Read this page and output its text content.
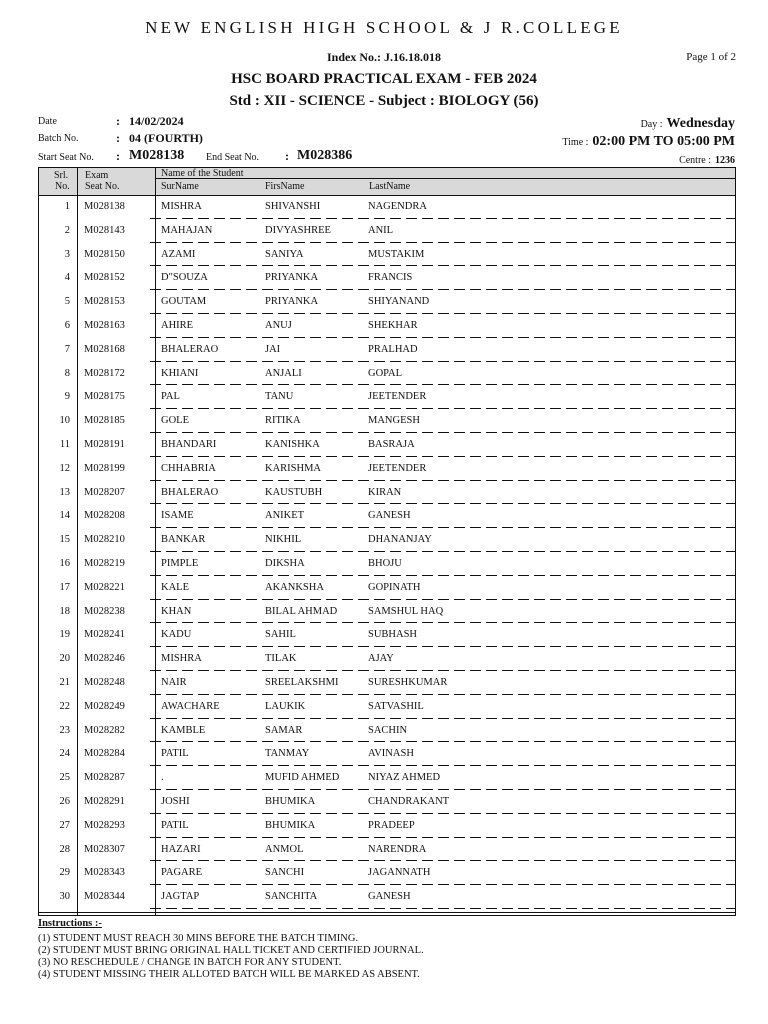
NEW ENGLISH HIGH SCHOOL & J R.COLLEGE
Index No.: J.16.18.018	Page 1 of 2
HSC BOARD PRACTICAL EXAM - FEB 2024
Std : XII - SCIENCE - Subject : BIOLOGY (56)
Date	: 14/02/2024
Batch No.	: 04 (FOURTH)
Start Seat No. : M028138 End Seat No. : M028386
Day : Wednesday
Time : 02:00 PM TO 05:00 PM
Centre : 1236
Srl.
No.
Exam
Seat No.
Name of the Student
SurName	FirsName	LastName
1 M028138	MISHRA	SHIVANSHI	NAGENDRA
2 M028143	MAHAJAN	DIVYASHREE	ANIL
3 M028150	AZAMI	SANIYA	MUSTAKIM
4 M028152	D"SOUZA	PRIYANKA	FRANCIS
5 M028153	GOUTAM	PRIYANKA	SHIYANAND
6 M028163	AHIRE	ANUJ	SHEKHAR
7 M028168	BHALERAO	JAI	PRALHAD
8 M028172	KHIANI	ANJALI	GOPAL
9 M028175	PAL	TANU	JEETENDER
10 M028185	GOLE	RITIKA	MANGESH
11 M028191	BHANDARI	KANISHKA	BASRAJA
12 M028199	CHHABRIA	KARISHMA	JEETENDER
13 M028207	BHALERAO	KAUSTUBH	KIRAN
14 M028208	ISAME	ANIKET	GANESH
15 M028210	BANKAR	NIKHIL	DHANANJAY
16 M028219	PIMPLE	DIKSHA	BHOJU
17 M028221	KALE	AKANKSHA	GOPINATH
18 M028238	KHAN	BILAL AHMAD	SAMSHUL HAQ
19 M028241	KADU	SAHIL	SUBHASH
20 M028246	MISHRA	TILAK	AJAY
21 M028248	NAIR	SREELAKSHMI	SURESHKUMAR
22 M028249	AWACHARE	LAUKIK	SATVASHIL
23 M028282	KAMBLE	SAMAR	SACHIN
24 M028284	PATIL	TANMAY	AVINASH
25 M028287	.	MUFID AHMED	NIYAZ AHMED
26 M028291	JOSHI	BHUMIKA	CHANDRAKANT
27 M028293	PATIL	BHUMIKA	PRADEEP
28 M028307	HAZARI	ANMOL	NARENDRA
29 M028343	PAGARE	SANCHI	JAGANNATH
30 M028344	JAGTAP	SANCHITA	GANESH
Instructions :-
(1) STUDENT MUST REACH 30 MINS BEFORE THE BATCH TIMING.
(2) STUDENT MUST BRING ORIGINAL HALL TICKET AND CERTIFIED JOURNAL.
(3) NO RESCHEDULE / CHANGE IN BATCH FOR ANY STUDENT.
(4) STUDENT MISSING THEIR ALLOTED BATCH WILL BE MARKED AS ABSENT.
